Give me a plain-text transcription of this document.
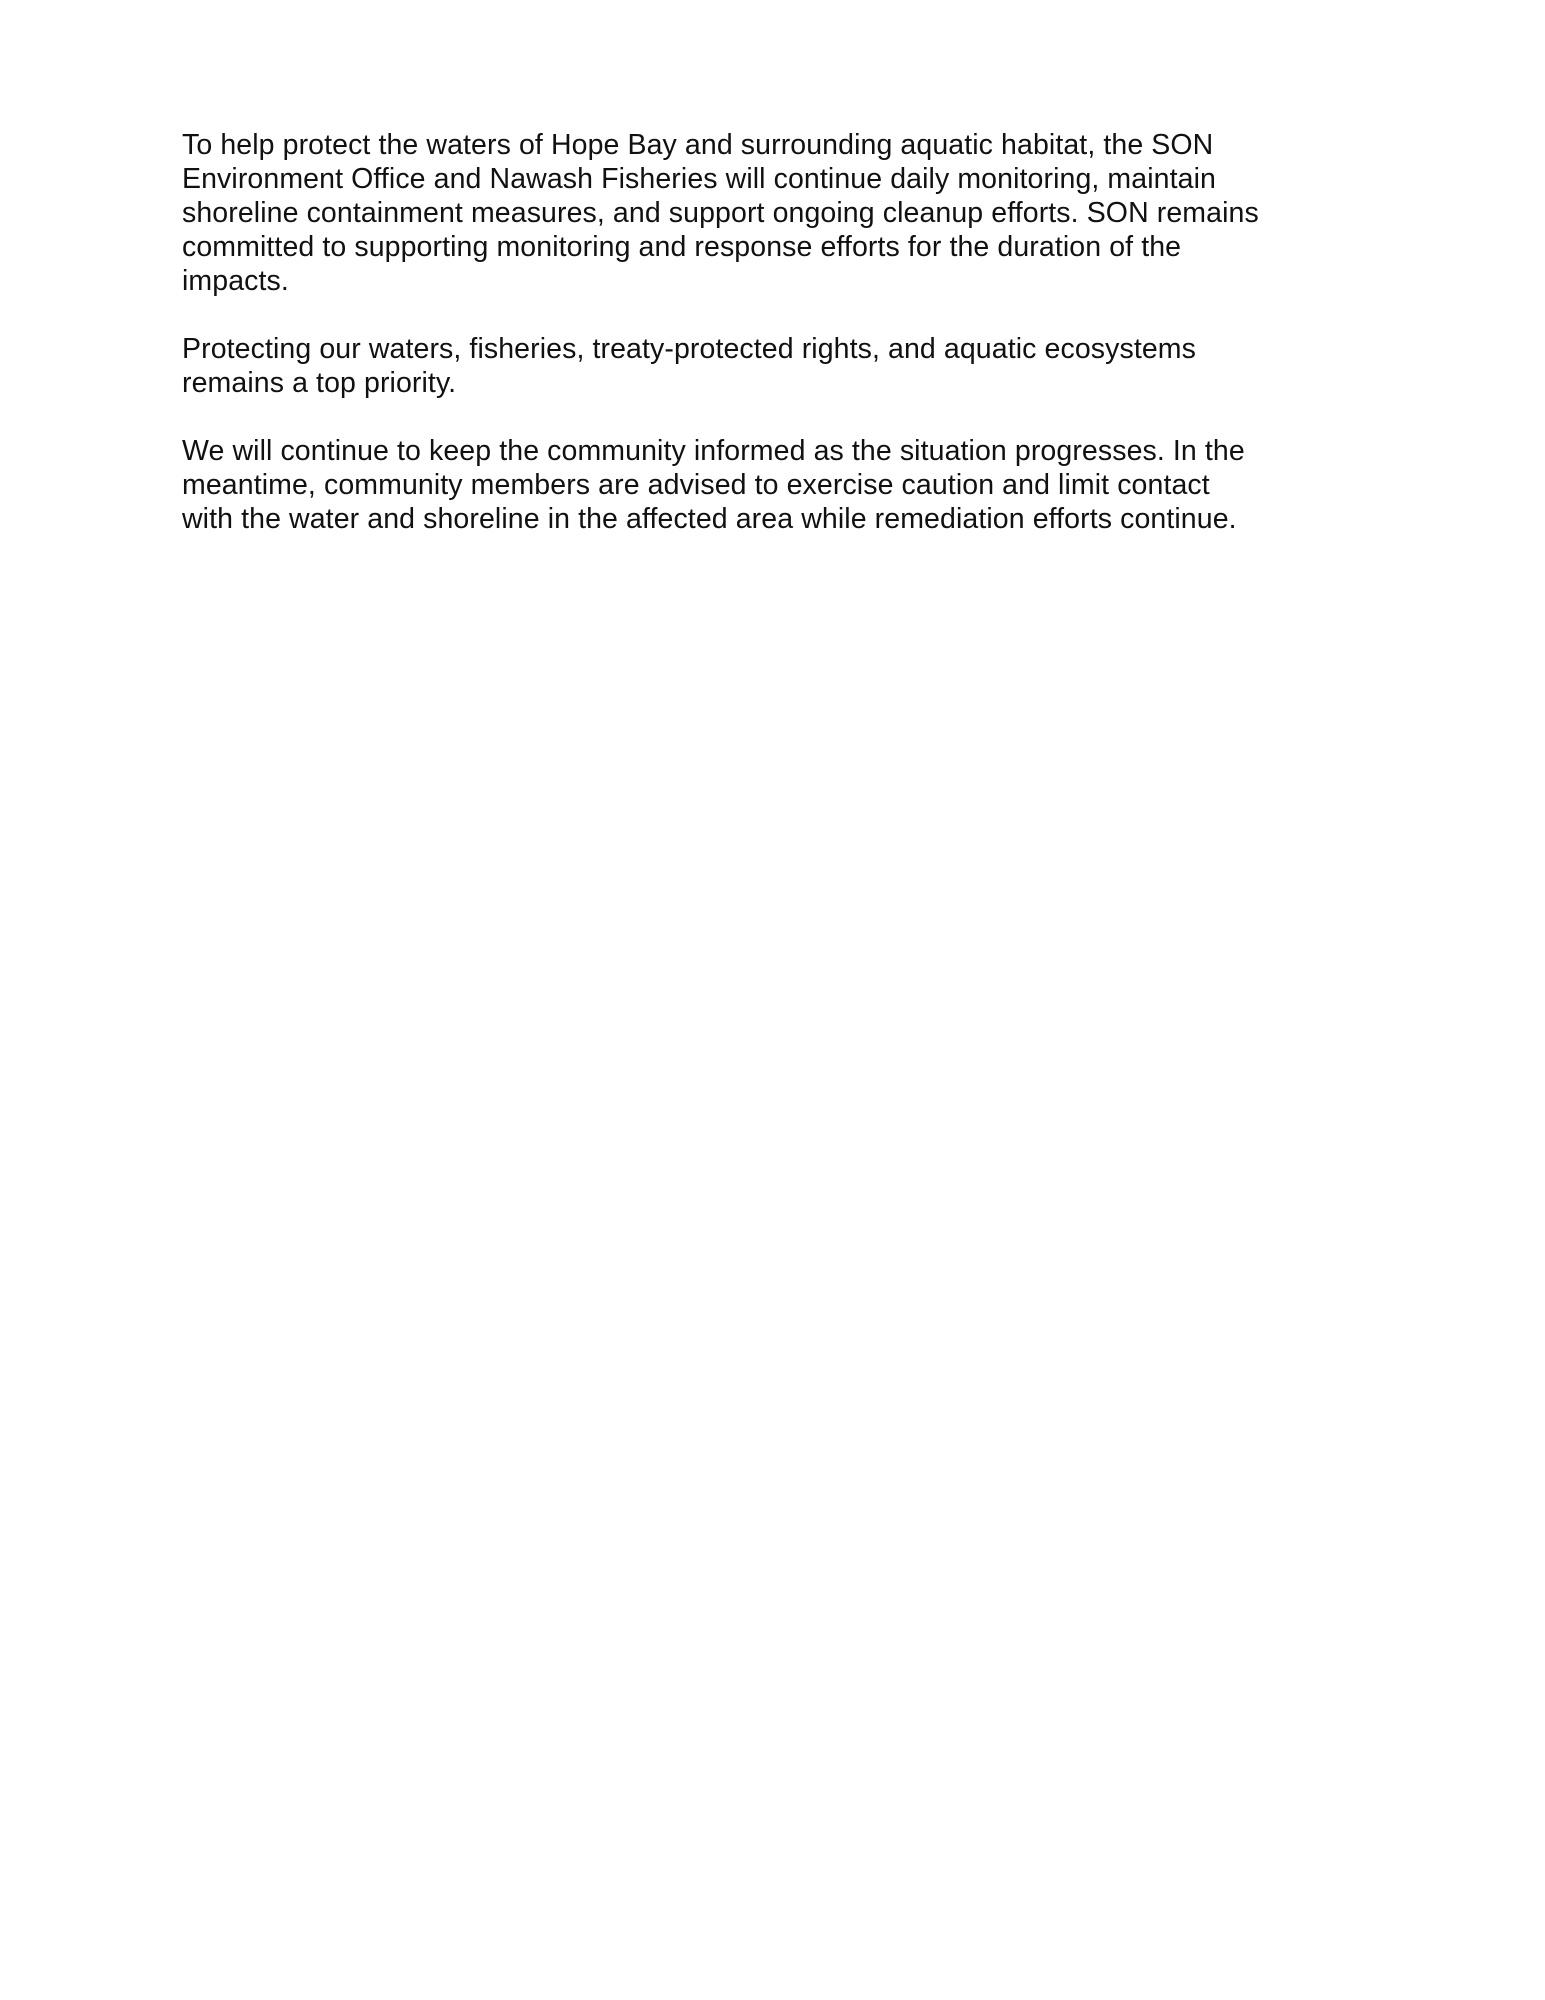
To help protect the waters of Hope Bay and surrounding aquatic habitat, the SON
Environment Office and Nawash Fisheries will continue daily monitoring, maintain
shoreline containment measures, and support ongoing cleanup efforts. SON remains
committed to supporting monitoring and response efforts for the duration of the
impacts.

Protecting our waters, fisheries, treaty-protected rights, and aquatic ecosystems
remains a top priority.

We will continue to keep the community informed as the situation progresses. In the
meantime, community members are advised to exercise caution and limit contact
with the water and shoreline in the affected area while remediation efforts continue.
